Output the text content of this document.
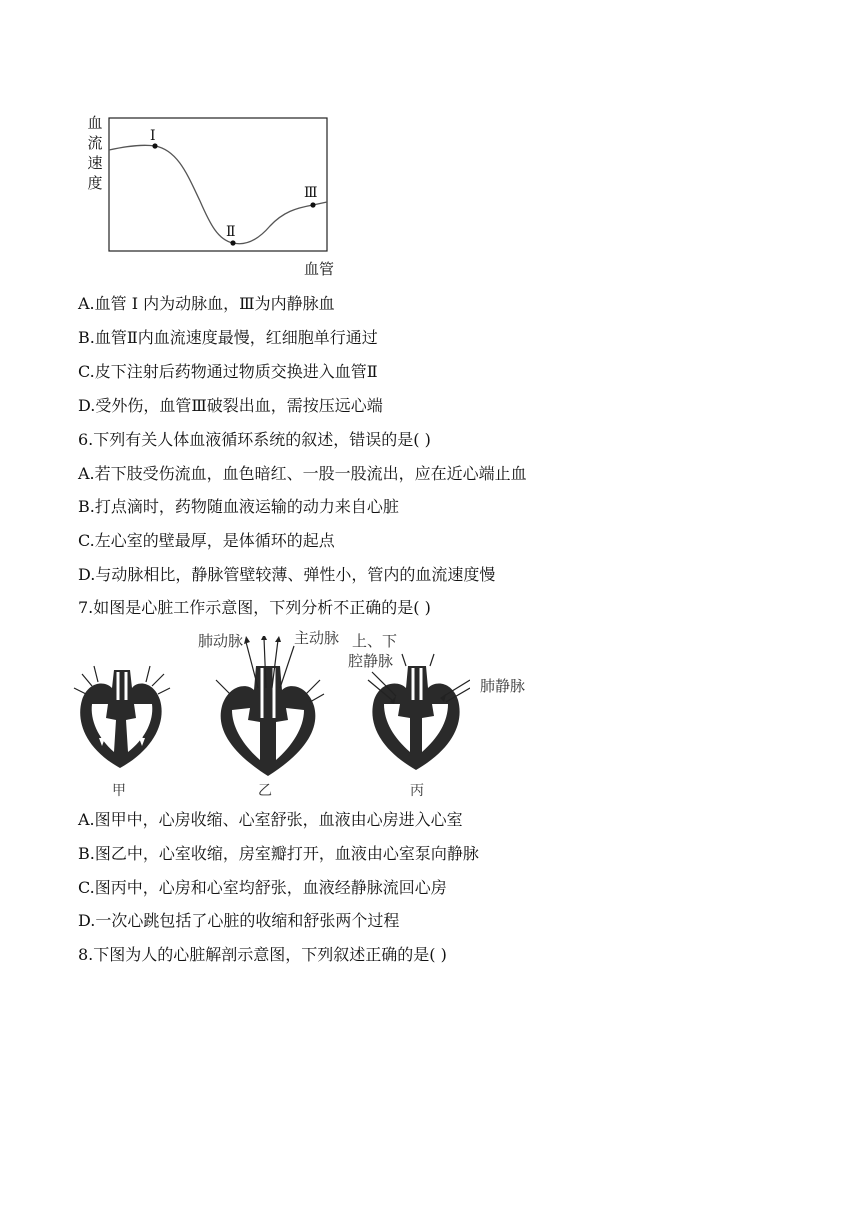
血
流
速
度
I
Ⅱ
Ⅲ
血管
A.血管 I 内为动脉血，Ⅲ为内静脉血
B.血管Ⅱ内血流速度最慢，红细胞单行通过
C.皮下注射后药物通过物质交换进入血管Ⅱ
D.受外伤，血管Ⅲ破裂出血，需按压远心端
6.下列有关人体血液循环系统的叙述，错误的是( )
A.若下肢受伤流血，血色暗红、一股一股流出，应在近心端止血
B.打点滴时，药物随血液运输的动力来自心脏
C.左心室的壁最厚，是体循环的起点
D.与动脉相比，静脉管壁较薄、弹性小，管内的血流速度慢
7.如图是心脏工作示意图，下列分析不正确的是( )
肺动脉	主动脉 上、下
腔静脉
肺静脉
甲	乙	丙
A.图甲中，心房收缩、心室舒张，血液由心房进入心室
B.图乙中，心室收缩，房室瓣打开，血液由心室泵向静脉
C.图丙中，心房和心室均舒张，血液经静脉流回心房
D.一次心跳包括了心脏的收缩和舒张两个过程
8.下图为人的心脏解剖示意图，下列叙述正确的是( )
